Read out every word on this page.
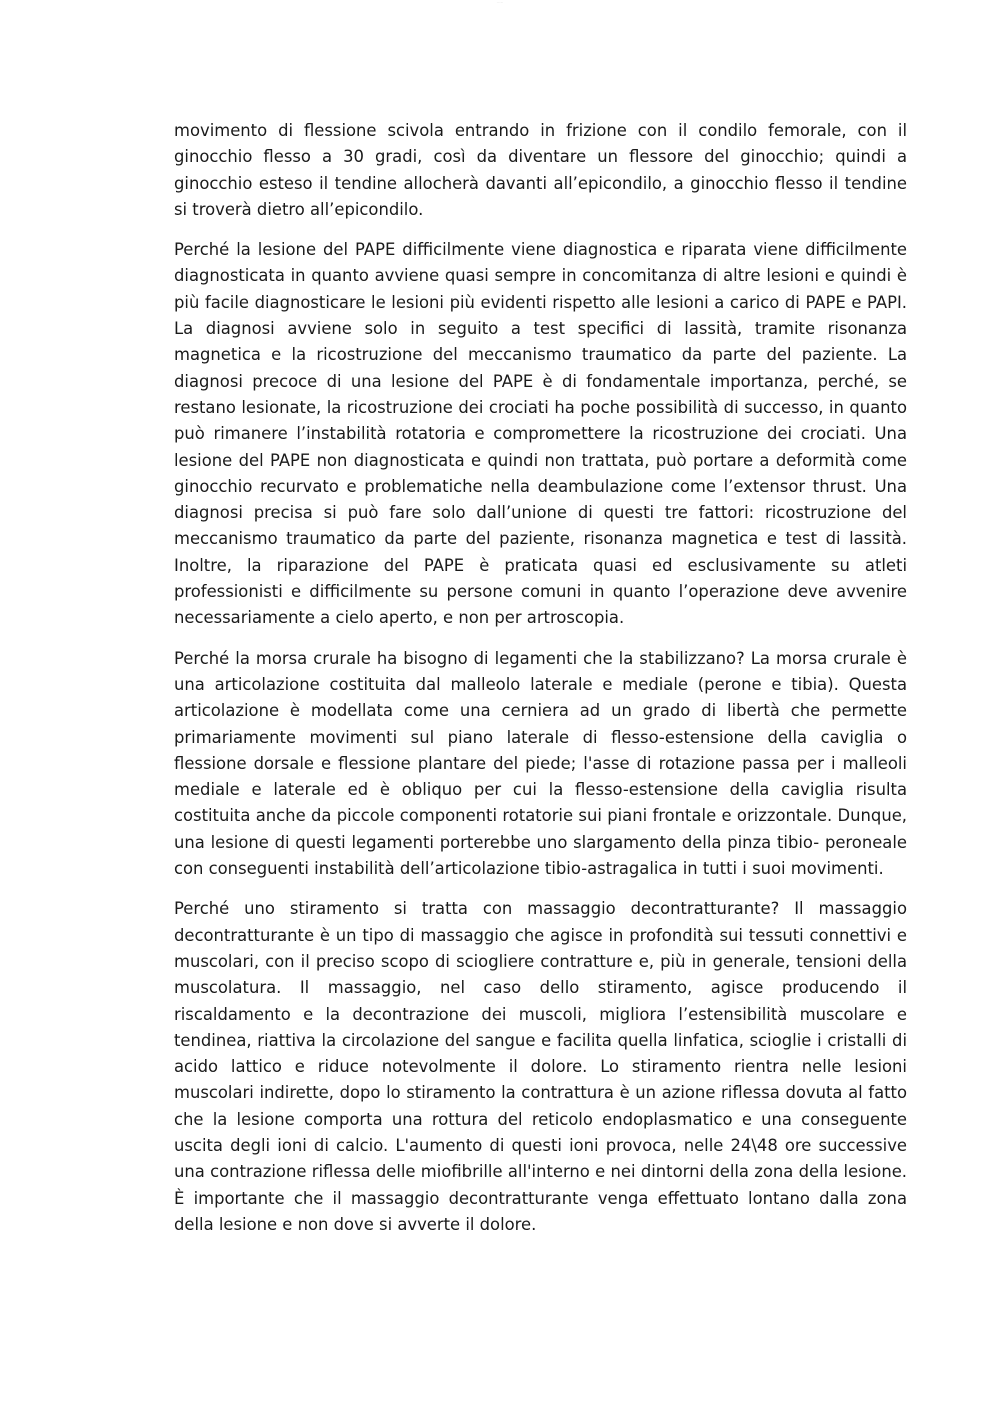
··· ···

movimento di flessione scivola entrando in frizione con il condilo femorale, con il ginocchio flesso a 30 gradi, così da diventare un flessore del ginocchio; quindi a ginocchio esteso il tendine allocherà davanti all’epicondilo, a ginocchio flesso il tendine si troverà dietro all’epicondilo.

Perché la lesione del PAPE difficilmente viene diagnostica e riparata viene difficilmente diagnosticata in quanto avviene quasi sempre in concomitanza di altre lesioni e quindi è più facile diagnosticare le lesioni più evidenti rispetto alle lesioni a carico di PAPE e PAPI. La diagnosi avviene solo in seguito a test specifici di lassità, tramite risonanza magnetica e la ricostruzione del meccanismo traumatico da parte del paziente. La diagnosi precoce di una lesione del PAPE è di fondamentale importanza, perché, se restano lesionate, la ricostruzione dei crociati ha poche possibilità di successo, in quanto può rimanere l’instabilità rotatoria e compromettere la ricostruzione dei crociati. Una lesione del PAPE non diagnosticata e quindi non trattata, può portare a deformità come ginocchio recurvato e problematiche nella deambulazione come l’extensor thrust. Una diagnosi precisa si può fare solo dall’unione di questi tre fattori: ricostruzione del meccanismo traumatico da parte del paziente, risonanza magnetica e test di lassità. Inoltre, la riparazione del PAPE è praticata quasi ed esclusivamente su atleti professionisti e difficilmente su persone comuni in quanto l’operazione deve avvenire necessariamente a cielo aperto, e non per artroscopia.

Perché la morsa crurale ha bisogno di legamenti che la stabilizzano? La morsa crurale è una articolazione costituita dal malleolo laterale e mediale (perone e tibia). Questa articolazione è modellata come una cerniera ad un grado di libertà che permette primariamente movimenti sul piano laterale di flesso-estensione della caviglia o flessione dorsale e flessione plantare del piede; l'asse di rotazione passa per i malleoli mediale e laterale ed è obliquo per cui la flesso-estensione della caviglia risulta costituita anche da piccole componenti rotatorie sui piani frontale e orizzontale. Dunque, una lesione di questi legamenti porterebbe uno slargamento della pinza tibio- peroneale con conseguenti instabilità dell’articolazione tibio-astragalica in tutti i suoi movimenti.

Perché uno stiramento si tratta con massaggio decontratturante? Il massaggio decontratturante è un tipo di massaggio che agisce in profondità sui tessuti connettivi e muscolari, con il preciso scopo di sciogliere contratture e, più in generale, tensioni della muscolatura. Il massaggio, nel caso dello stiramento, agisce producendo il riscaldamento e la decontrazione dei muscoli, migliora l’estensibilità muscolare e tendinea, riattiva la circolazione del sangue e facilita quella linfatica, scioglie i cristalli di acido lattico e riduce notevolmente il dolore. Lo stiramento rientra nelle lesioni muscolari indirette, dopo lo stiramento la contrattura è un azione riflessa dovuta al fatto che la lesione comporta una rottura del reticolo endoplasmatico e una conseguente uscita degli ioni di calcio. L'aumento di questi ioni provoca, nelle 24\48 ore successive una contrazione riflessa delle miofibrille all'interno e nei dintorni della zona della lesione. È importante che il massaggio decontratturante venga effettuato lontano dalla zona della lesione e non dove si avverte il dolore.
